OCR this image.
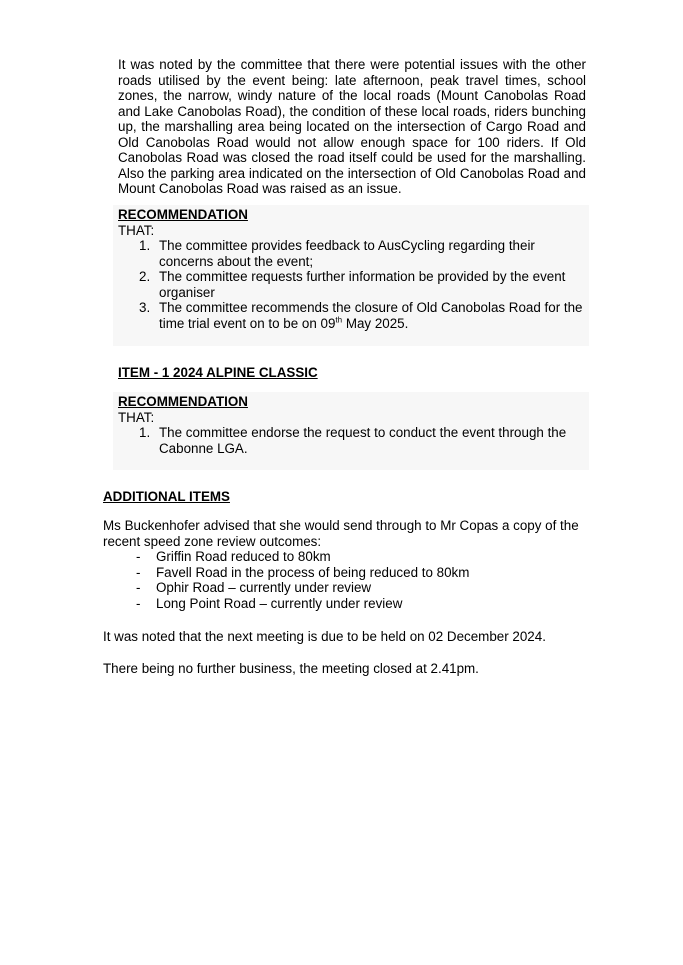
It was noted by the committee that there were potential issues with the other roads utilised by the event being: late afternoon, peak travel times, school zones, the narrow, windy nature of the local roads (Mount Canobolas Road and Lake Canobolas Road), the condition of these local roads, riders bunching up, the marshalling area being located on the intersection of Cargo Road and Old Canobolas Road would not allow enough space for 100 riders. If Old Canobolas Road was closed the road itself could be used for the marshalling. Also the parking area indicated on the intersection of Old Canobolas Road and Mount Canobolas Road was raised as an issue.
RECOMMENDATION
THAT:
1. The committee provides feedback to AusCycling regarding their concerns about the event;
2. The committee requests further information be provided by the event organiser
3. The committee recommends the closure of Old Canobolas Road for the time trial event on to be on 09th May 2025.
ITEM - 1 2024 ALPINE CLASSIC
RECOMMENDATION
THAT:
1. The committee endorse the request to conduct the event through the Cabonne LGA.
ADDITIONAL ITEMS
Ms Buckenhofer advised that she would send through to Mr Copas a copy of the recent speed zone review outcomes:
- Griffin Road reduced to 80km
- Favell Road in the process of being reduced to 80km
- Ophir Road – currently under review
- Long Point Road – currently under review
It was noted that the next meeting is due to be held on 02 December 2024.
There being no further business, the meeting closed at 2.41pm.
